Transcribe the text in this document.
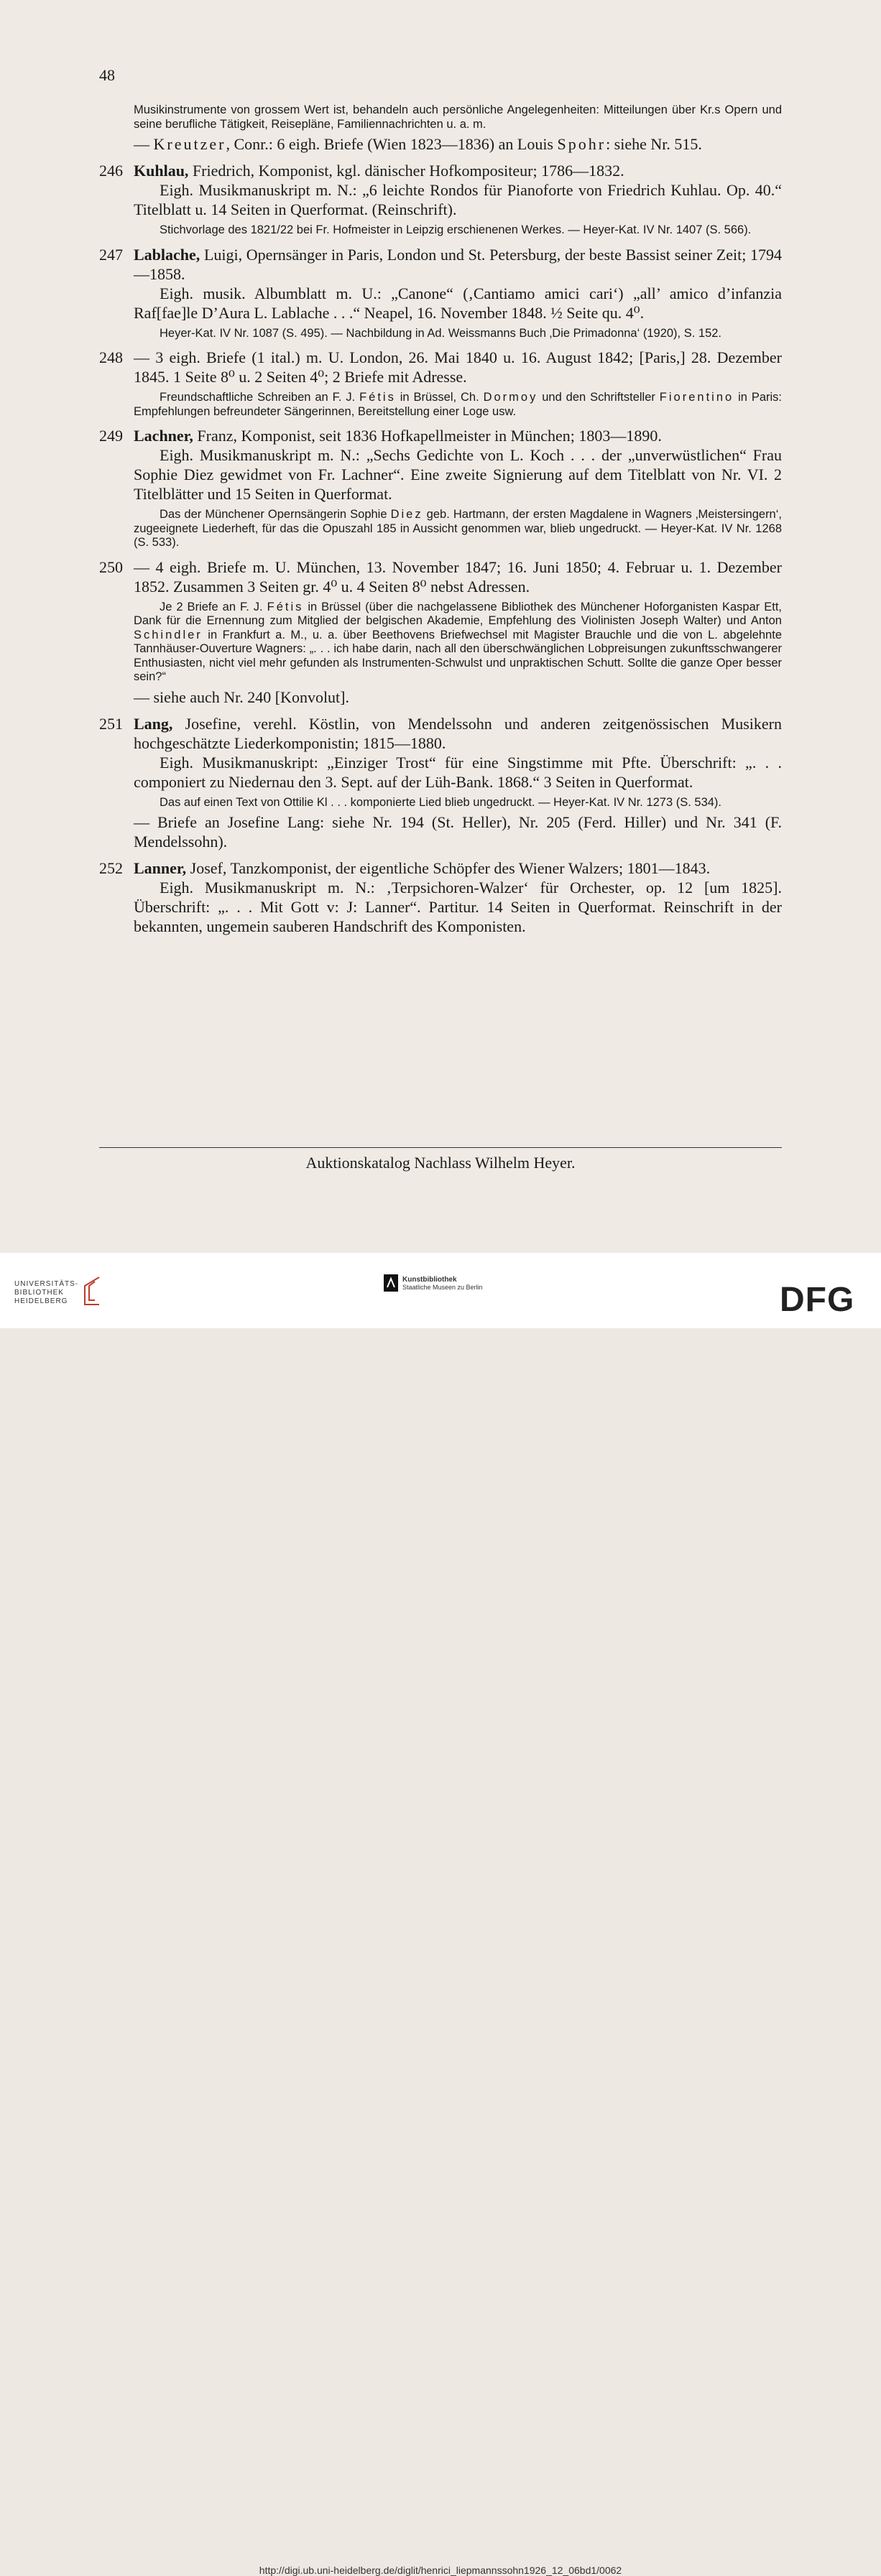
48
Musikinstrumente von grossem Wert ist, behandeln auch persönliche Angelegenheiten: Mitteilungen über Kr.s Opern und seine berufliche Tätigkeit, Reisepläne, Familiennachrichten u. a. m.
— Kreutzer, Conr.: 6 eigh. Briefe (Wien 1823—1836) an Louis Spohr: siehe Nr. 515.
246 Kuhlau, Friedrich, Komponist, kgl. dänischer Hofkompositeur; 1786—1832.
Eigh. Musikmanuskript m. N.: „6 leichte Rondos für Pianoforte von Friedrich Kuhlau. Op. 40.“ Titelblatt u. 14 Seiten in Querformat. (Reinschrift).
Stichvorlage des 1821/22 bei Fr. Hofmeister in Leipzig erschienenen Werkes. — Heyer-Kat. IV Nr. 1407 (S. 566).
247 Lablache, Luigi, Opernsänger in Paris, London und St. Petersburg, der beste Bassist seiner Zeit; 1794—1858.
Eigh. musik. Albumblatt m. U.: „Canone“ (‚Cantiamo amici cari‘) „all’ amico d’infanzia Raf[fae]le D’Aura L. Lablache . . .“ Neapel, 16. November 1848. ½ Seite qu. 4⁰.
Heyer-Kat. IV Nr. 1087 (S. 495). — Nachbildung in Ad. Weissmanns Buch ‚Die Primadonna‘ (1920), S. 152.
248 — 3 eigh. Briefe (1 ital.) m. U. London, 26. Mai 1840 u. 16. August 1842; [Paris,] 28. Dezember 1845. 1 Seite 8⁰ u. 2 Seiten 4⁰; 2 Briefe mit Adresse.
Freundschaftliche Schreiben an F. J. Fétis in Brüssel, Ch. Dormoy und den Schriftsteller Fiorentino in Paris: Empfehlungen befreundeter Sängerinnen, Bereitstellung einer Loge usw.
249 Lachner, Franz, Komponist, seit 1836 Hofkapellmeister in München; 1803—1890.
Eigh. Musikmanuskript m. N.: „Sechs Gedichte von L. Koch . . . der „unverwüstlichen“ Frau Sophie Diez gewidmet von Fr. Lachner“. Eine zweite Signierung auf dem Titelblatt von Nr. VI. 2 Titelblätter und 15 Seiten in Querformat.
Das der Münchener Opernsängerin Sophie Diez geb. Hartmann, der ersten Magdalene in Wagners ‚Meistersingern‘, zugeeignete Liederheft, für das die Opuszahl 185 in Aussicht genommen war, blieb ungedruckt. — Heyer-Kat. IV Nr. 1268 (S. 533).
250 — 4 eigh. Briefe m. U. München, 13. November 1847; 16. Juni 1850; 4. Februar u. 1. Dezember 1852. Zusammen 3 Seiten gr. 4⁰ u. 4 Seiten 8⁰ nebst Adressen.
Je 2 Briefe an F. J. Fétis in Brüssel (über die nachgelassene Bibliothek des Münchener Hoforganisten Kaspar Ett, Dank für die Ernennung zum Mitglied der belgischen Akademie, Empfehlung des Violinisten Joseph Walter) und Anton Schindler in Frankfurt a. M., u. a. über Beethovens Briefwechsel mit Magister Brauchle und die von L. abgelehnte Tannhäuser-Ouverture Wagners: „. . . ich habe darin, nach all den überschwänglichen Lobpreisungen zukunftsschwangerer Enthusiasten, nicht viel mehr gefunden als Instrumenten-Schwulst und unpraktischen Schutt. Sollte die ganze Oper besser sein?“
— siehe auch Nr. 240 [Konvolut].
251 Lang, Josefine, verehl. Köstlin, von Mendelssohn und anderen zeitgenössischen Musikern hochgeschätzte Liederkomponistin; 1815—1880.
Eigh. Musikmanuskript: „Einziger Trost“ für eine Singstimme mit Pfte. Überschrift: „. . . componiert zu Niedernau den 3. Sept. auf der Lüh-Bank. 1868.“ 3 Seiten in Querformat.
Das auf einen Text von Ottilie Kl . . . komponierte Lied blieb ungedruckt. — Heyer-Kat. IV Nr. 1273 (S. 534).
— Briefe an Josefine Lang: siehe Nr. 194 (St. Heller), Nr. 205 (Ferd. Hiller) und Nr. 341 (F. Mendelssohn).
252 Lanner, Josef, Tanzkomponist, der eigentliche Schöpfer des Wiener Walzers; 1801—1843.
Eigh. Musikmanuskript m. N.: ‚Terpsichoren-Walzer‘ für Orchester, op. 12 [um 1825]. Überschrift: „. . . Mit Gott v: J: Lanner“. Partitur. 14 Seiten in Querformat. Reinschrift in der bekannten, ungemein sauberen Handschrift des Komponisten.
Auktionskatalog Nachlass Wilhelm Heyer.
UNIVERSITÄTS-
BIBLIOTHEK
HEIDELBERG
Kunstbibliothek
Staatliche Museen zu Berlin	DFG
http://digi.ub.uni-heidelberg.de/diglit/henrici_liepmannssohn1926_12_06bd1/0062
